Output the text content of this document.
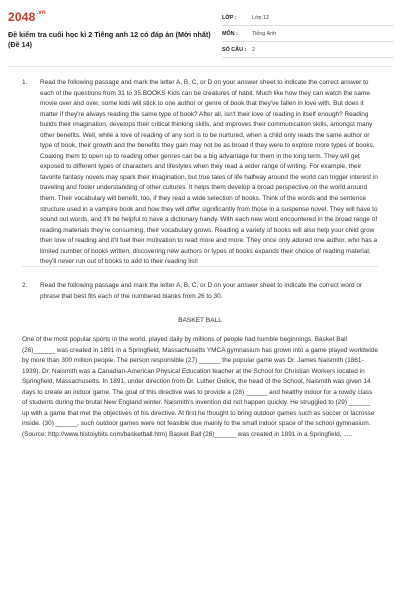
$2048^{.vn}$
Đề kiểm tra cuối học kì 2 Tiếng anh 12 có đáp án (Mới nhất) (Đề 14)
LỚP :	Lớp 12
MÔN :	Tiếng Anh
SỐ CÂU :	2
1. Read the following passage and mark the letter A, B, C, or D on your answer sheet to indicate the correct answer to each of the questions from 31 to 35.BOOKS Kids can be creatures of habit. Much like how they can watch the same movie over and over, some kids will stick to one author or genre of book that they've fallen in love with. But does it matter if they're always reading the same type of book? After all, isn't their love of reading in itself enough? Reading builds their imagination, develops their critical thinking skills, and improves their communication skills, amongst many other benefits. Well, while a love of reading of any sort is to be nurtured, when a child only reads the same author or type of book, their growth and the benefits they gain may not be as broad if they were to explore more types of books. Coaxing them to open up to reading other genres can be a big advantage for them in the long term. They will get exposed to different types of characters and lifestyles when they read a wider range of writing. For example, their favorite fantasy novels may spark their imagination, but true tales of life halfway around the world can trigger interest in traveling and foster understanding of other cultures. It helps them develop a broad perspective on the world around them. Their vocabulary will benefit, too, if they read a wide selection of books. Think of the words and the sentence structure used in a vampire book and how they will differ significantly from those in a suspense novel. They will have to sound out words, and it'll be helpful to have a dictionary handy. With each new word encountered in the broad range of reading materials they're consuming, their vocabulary grows. Reading a variety of books will also help your child grow their love of reading and it'll fuel their motivation to read more and more. They once only adored one author, who has a limited number of books written, discovering new authors or types of books expands their choice of reading material; they'll never run out of books to add to their reading list!
2. Read the following passage and mark the letter A, B, C, or D on your answer sheet to indicate the correct word or phrase that best fits each of the numbered blanks from 26 to 30.
BASKET BALL
One of the most popular sports in the world, played daily by millions of people had humble beginnings. Basket Ball (26)______ was created in 1891 in a Springfield, Massachusetts YMCA gymnasium has grown into a game played worldwide by more than 300 million people. The person responsible (27) ______ the popular game was Dr. James Naismith (1861-1939). Dr. Naismith was a Canadian-American Physical Education teacher at the School for Christian Workers located in Springfield, Massachusetts. In 1891, under direction from Dr. Luther Gulick, the head of the School, Naismith was given 14 days to create an indoor game. The goal of this directive was to provide a (28) ______ and healthy indoor for a rowdy class of students during the brutal New England winter. Naismith's invention did not happen quickly. He struggled to (29) ______ up with a game that met the objectives of his directive. At first he thought to bring outdoor games such as soccer or lacrosse inside. (30) ______, such outdoor games were not feasible due mainly to the small indoor space of the school gymnasium. (Source: http://www.histoiybits.com/basketball.htm) Basket Ball (26)______ was created in 1891 in a Springfield, .....
